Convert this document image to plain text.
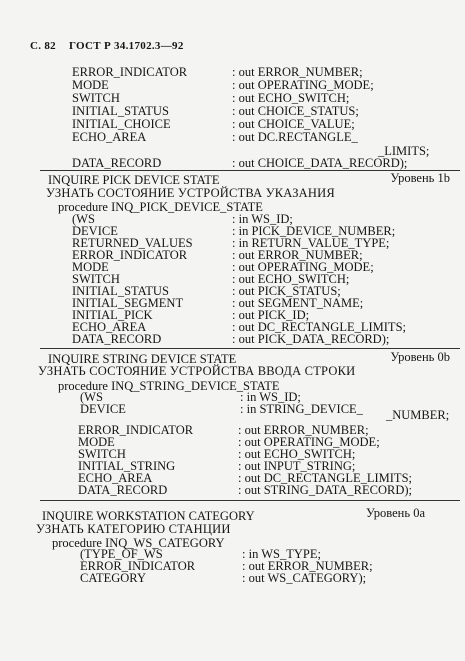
С. 82 ГОСТ Р 34.1702.3—92
ERROR_INDICATOR	: out ERROR_NUMBER;
MODE	: out OPERATING_MODE;
SWITCH	: out ECHO_SWITCH;
INITIAL_STATUS	: out CHOICE_STATUS;
INITIAL_CHOICE	: out CHOICE_VALUE;
ECHO_AREA	: out DC.RECTANGLE_
_LIMITS;
DATA_RECORD	: out CHOICE_DATA_RECORD);
INQUIRE PICK DEVICE STATE	Уровень 1b
УЗНАТЬ СОСТОЯНИЕ УСТРОЙСТВА УКАЗАНИЯ
procedure INQ_PICK_DEVICE_STATE
(WS	: in WS_ID;
DEVICE	: in PICK_DEVICE_NUMBER;
RETURNED_VALUES	: in RETURN_VALUE_TYPE;
ERROR_INDICATOR	: out ERROR_NUMBER;
MODE	: out OPERATING_MODE;
SWITCH	: out ECHO_SWITCH;
INITIAL_STATUS	: out PICK_STATUS;
INITIAL_SEGMENT	: out SEGMENT_NAME;
INITIAL_PICK	: out PICK_ID;
ECHO_AREA	: out DC_RECTANGLE_LIMITS;
DATA_RECORD	: out PICK_DATA_RECORD);
INQUIRE STRING DEVICE STATE	Уровень 0b
УЗНАТЬ СОСТОЯНИЕ УСТРОЙСТВА ВВОДА СТРОКИ
procedure INQ_STRING_DEVICE_STATE
(WS	: in WS_ID;
DEVICE	: in STRING_DEVICE_ _NUMBER;
ERROR_INDICATOR	: out ERROR_NUMBER;
MODE	: out OPERATING_MODE;
SWITCH	: out ECHO_SWITCH;
INITIAL_STRING	: out INPUT_STRING;
ECHO_AREA	: out DC_RECTANGLE_LIMITS;
DATA_RECORD	: out STRING_DATA_RECORD);
INQUIRE WORKSTATION CATEGORY	Уровень 0a
УЗНАТЬ КАТЕГОРИЮ СТАНЦИИ
procedure INQ_WS_CATEGORY
(TYPE_OF_WS	: in WS_TYPE;
ERROR_INDICATOR	: out ERROR_NUMBER;
CATEGORY	: out WS_CATEGORY);
